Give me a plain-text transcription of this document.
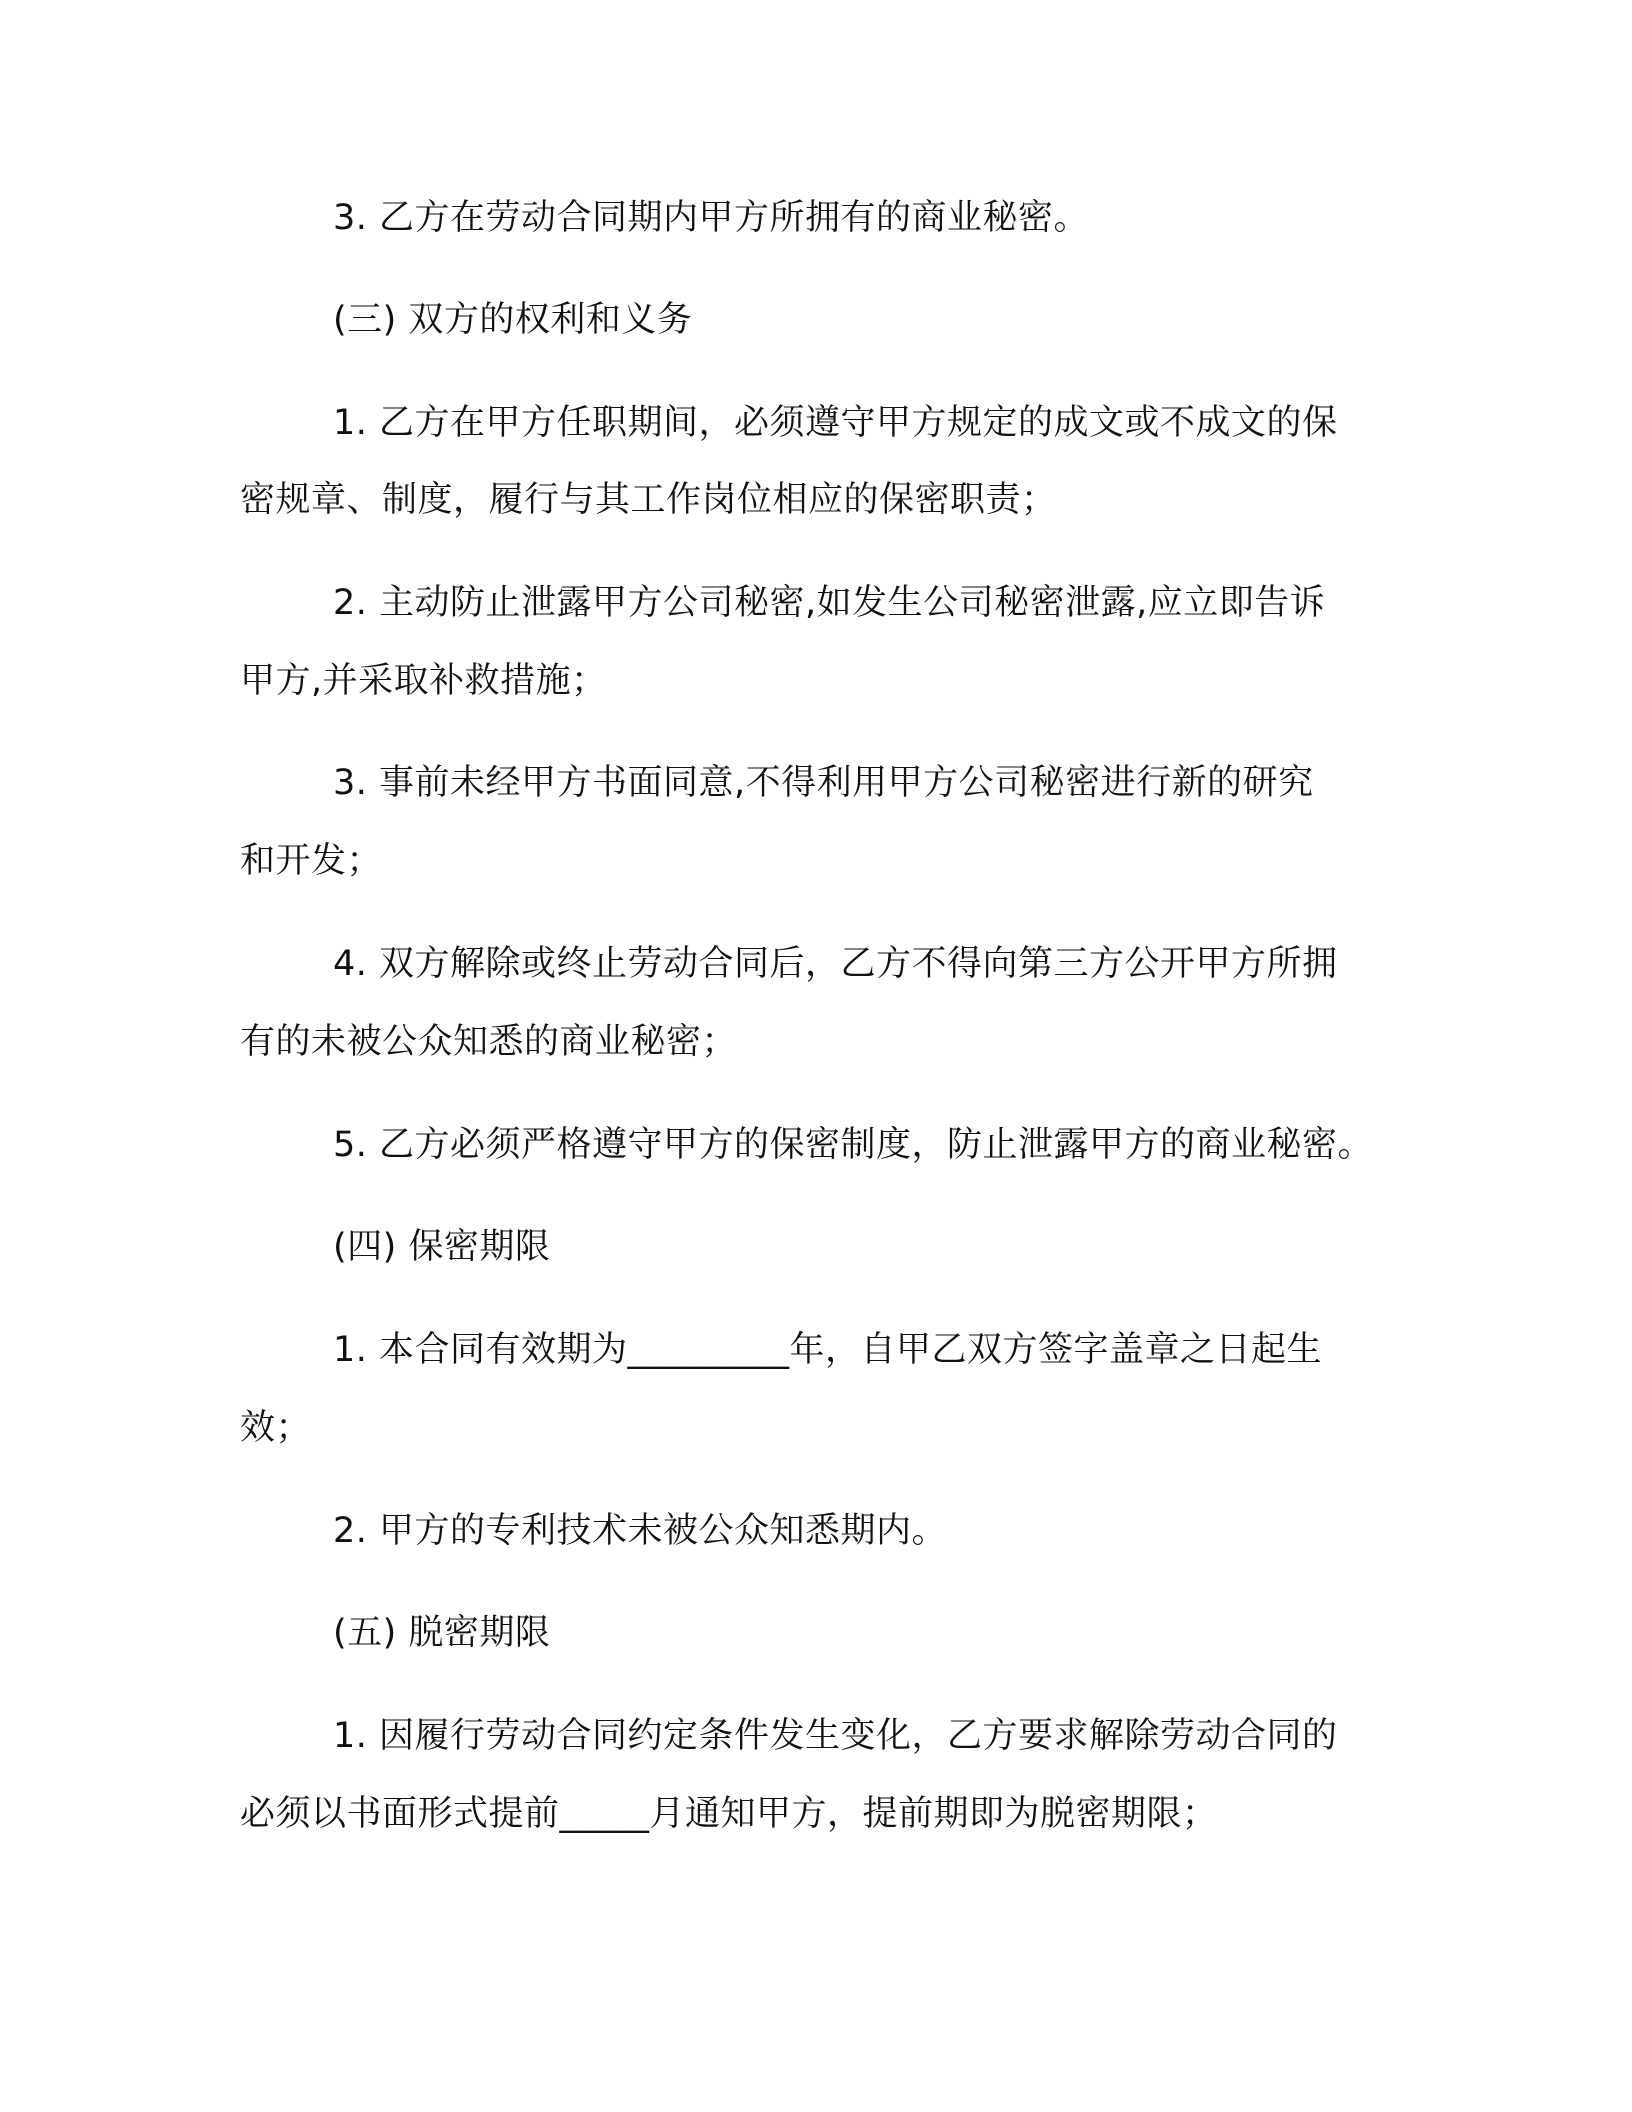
3. 乙方在劳动合同期内甲方所拥有的商业秘密。
(三) 双方的权利和义务
1. 乙方在甲方任职期间，必须遵守甲方规定的成文或不成文的保
密规章、制度，履行与其工作岗位相应的保密职责；
2. 主动防止泄露甲方公司秘密,如发生公司秘密泄露,应立即告诉
甲方,并采取补救措施；
3. 事前未经甲方书面同意,不得利用甲方公司秘密进行新的研究
和开发；
4. 双方解除或终止劳动合同后，乙方不得向第三方公开甲方所拥
有的未被公众知悉的商业秘密；
5. 乙方必须严格遵守甲方的保密制度，防止泄露甲方的商业秘密。
(四) 保密期限
1. 本合同有效期为_________年，自甲乙双方签字盖章之日起生
效；
2. 甲方的专利技术未被公众知悉期内。
(五) 脱密期限
1. 因履行劳动合同约定条件发生变化，乙方要求解除劳动合同的
必须以书面形式提前_____月通知甲方，提前期即为脱密期限；
